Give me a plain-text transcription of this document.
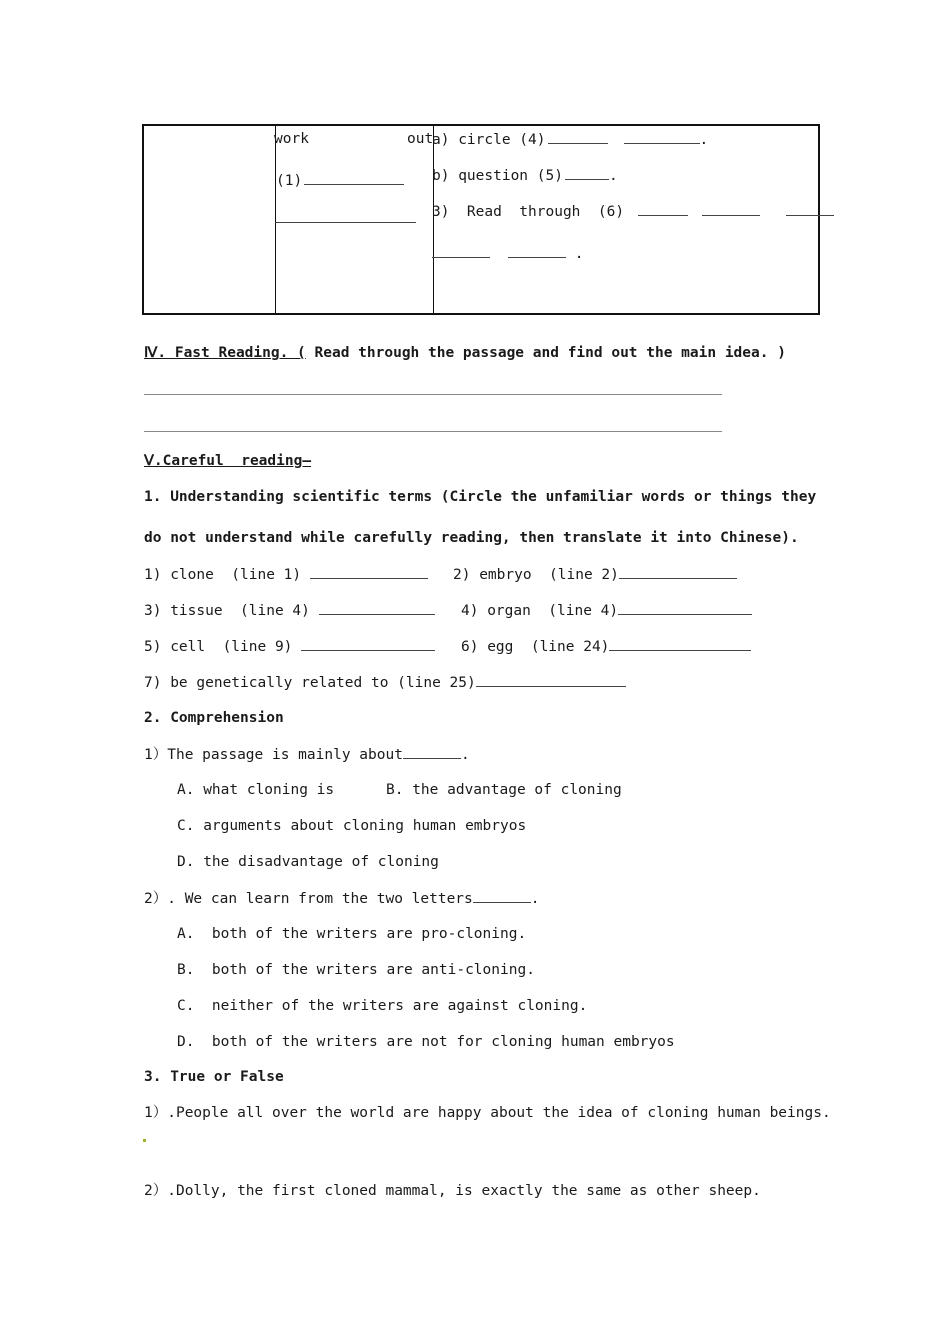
work	out
(1)
a) circle (4)	.
b) question (5)	.
3)  Read  through  (6)
.
Ⅳ. Fast Reading. ( Read through the passage and find out the main idea. )
Ⅴ.Careful  reading—
1. Understanding scientific terms (Circle the unfamiliar words or things they
do not understand while carefully reading, then translate it into Chinese).
1) clone  (line 1)	2) embryo  (line 2)
3) tissue  (line 4)	4) organ  (line 4)
5) cell  (line 9)	6) egg  (line 24)
7) be genetically related to (line 25)
2. Comprehension
1）The passage is mainly about	.
A. what cloning is	B. the advantage of cloning
C. arguments about cloning human embryos
D. the disadvantage of cloning
2）. We can learn from the two letters	.
A.  both of the writers are pro-cloning.
B.  both of the writers are anti-cloning.
C.  neither of the writers are against cloning.
D.  both of the writers are not for cloning human embryos
3. True or False
1）.People all over the world are happy about the idea of cloning human beings.
2）.Dolly, the first cloned mammal, is exactly the same as other sheep.
